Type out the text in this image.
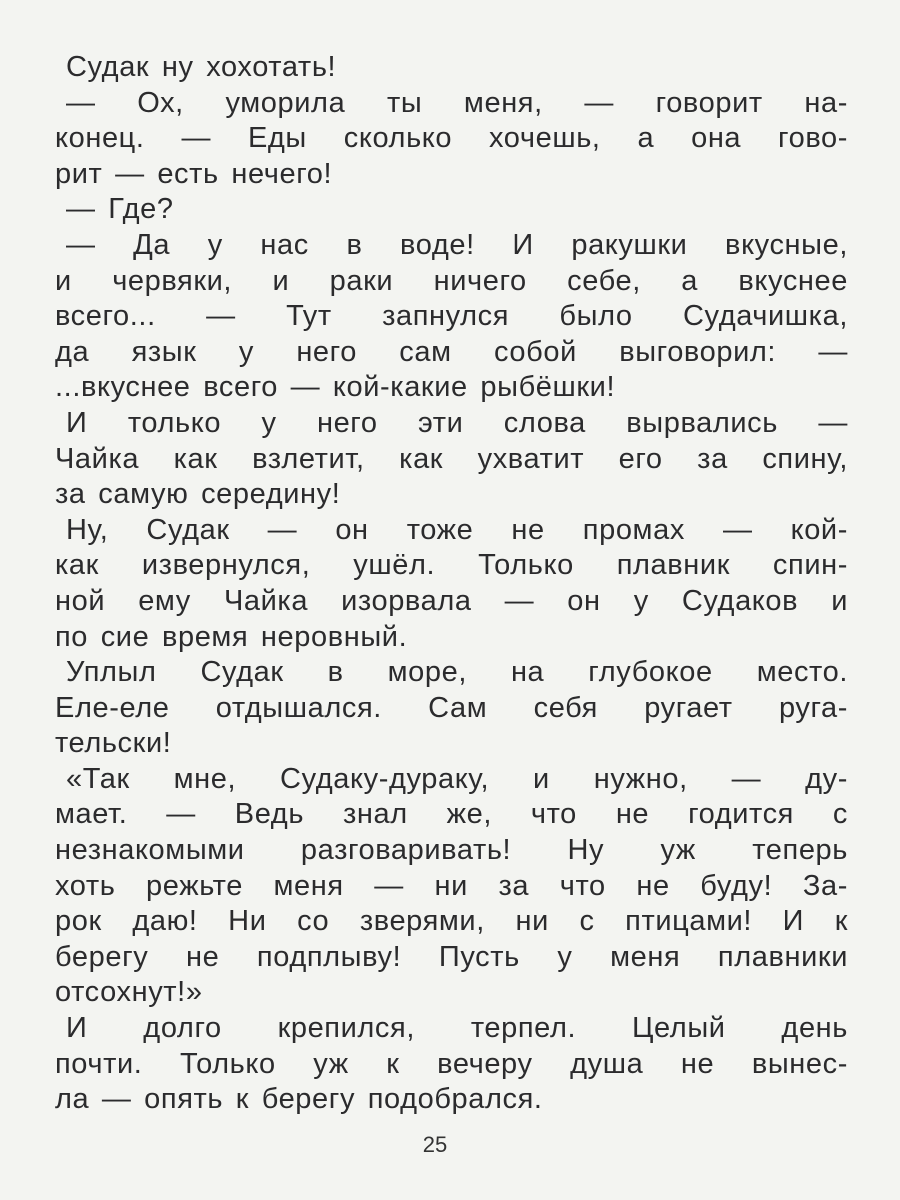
Судак ну хохотать!
— Ох, уморила ты меня, — говорит на-
конец. — Еды сколько хочешь, а она гово-
рит — есть нечего!
— Где?
— Да у нас в воде! И ракушки вкусные,
и червяки, и раки ничего себе, а вкуснее
всего... — Тут запнулся было Судачишка,
да язык у него сам собой выговорил: —
...вкуснее всего — кой-какие рыбёшки!
И только у него эти слова вырвались —
Чайка как взлетит, как ухватит его за спину,
за самую середину!
Ну, Судак — он тоже не промах — кой-
как извернулся, ушёл. Только плавник спин-
ной ему Чайка изорвала — он у Судаков и
по сие время неровный.
Уплыл Судак в море, на глубокое место.
Еле-еле отдышался. Сам себя ругает руга-
тельски!
«Так мне, Судаку-дураку, и нужно, — ду-
мает. — Ведь знал же, что не годится с
незнакомыми разговаривать! Ну уж теперь
хоть режьте меня — ни за что не буду! За-
рок даю! Ни со зверями, ни с птицами! И к
берегу не подплыву! Пусть у меня плавники
отсохнут!»
И долго крепился, терпел. Целый день
почти. Только уж к вечеру душа не вынес-
ла — опять к берегу подобрался.
25
